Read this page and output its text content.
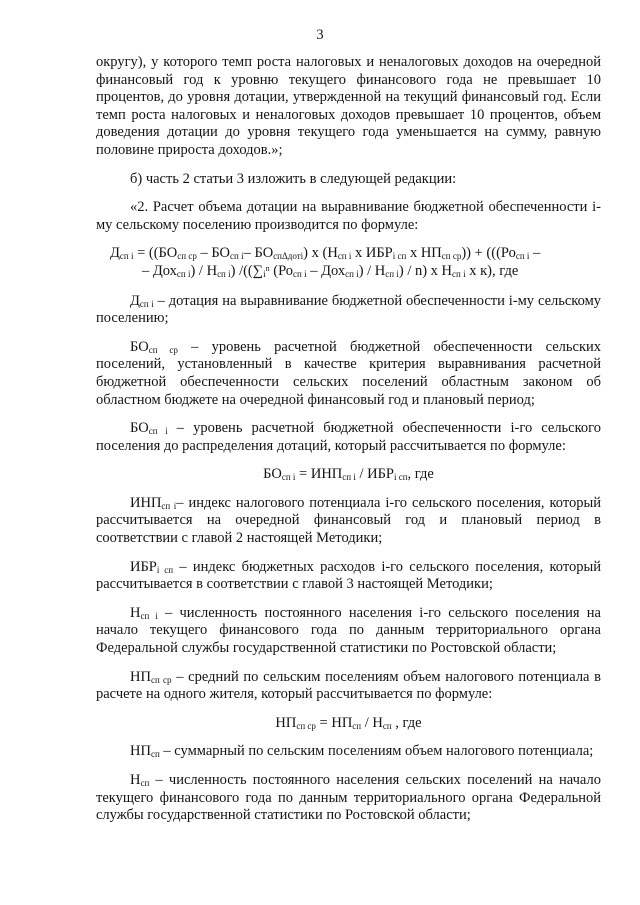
3

округу), у которого темп роста налоговых и неналоговых доходов на очередной финансовый год к уровню текущего финансового года не превышает 10 процентов, до уровня дотации, утвержденной на текущий финансовый год. Если темп роста налоговых и неналоговых доходов превышает 10 процентов, объем доведения дотации до уровня текущего года уменьшается на сумму, равную половине прироста доходов.»;

б) часть 2 статьи 3 изложить в следующей редакции:

«2. Расчет объема дотации на выравнивание бюджетной обеспеченности i-му сельскому поселению производится по формуле:

$Д_{сп i} = ((БО_{сп ср} - БО_{сп i}-$ $БО_{сп\Delta дотi}$) х ($Н_{сп i}$ х $ИБР_{i сп}$ х $НП_{сп ср})) + (((Ро_{сп i}$ –
– $Дох_{сп i}) / Н_{сп i}$) $/((\sum_i^n$ $(Ро_{сп i} - Дох_{сп i}) / Н_{сп i}) / n$) х $Н_{сп i}$ х к), где

$Д_{сп i}$ – дотация на выравнивание бюджетной обеспеченности i-му сельскому поселению;

$БО_{сп ср}$ – уровень расчетной бюджетной обеспеченности сельских поселений, установленный в качестве критерия выравнивания расчетной бюджетной обеспеченности сельских поселений областным законом об областном бюджете на очередной финансовый год и плановый период;

$БО_{сп i}$ – уровень расчетной бюджетной обеспеченности i-го сельского поселения до распределения дотаций, который рассчитывается по формуле:

$БО_{сп i} = ИНП_{сп i} / ИБР_{i сп}$, где

$ИНП_{сп i}-$ индекс налогового потенциала i-го сельского поселения, который рассчитывается на очередной финансовый год и плановый период в соответствии с главой 2 настоящей Методики;

$ИБР_{i сп}$ – индекс бюджетных расходов i-го сельского поселения, который рассчитывается в соответствии с главой 3 настоящей Методики;

$Н_{сп i}$ – численность постоянного населения i-го сельского поселения на начало текущего финансового года по данным территориального органа Федеральной службы государственной статистики по Ростовской области;

$НП_{сп ср}$ – средний по сельским поселениям объем налогового потенциала в расчете на одного жителя, который рассчитывается по формуле:

$НП_{сп ср} = НП_{сп} / Н_{сп}$ , где

$НП_{сп}$ – суммарный по сельским поселениям объем налогового потенциала;

$Н_{сп}$ – численность постоянного населения сельских поселений на начало текущего финансового года по данным территориального органа Федеральной службы государственной статистики по Ростовской области;
